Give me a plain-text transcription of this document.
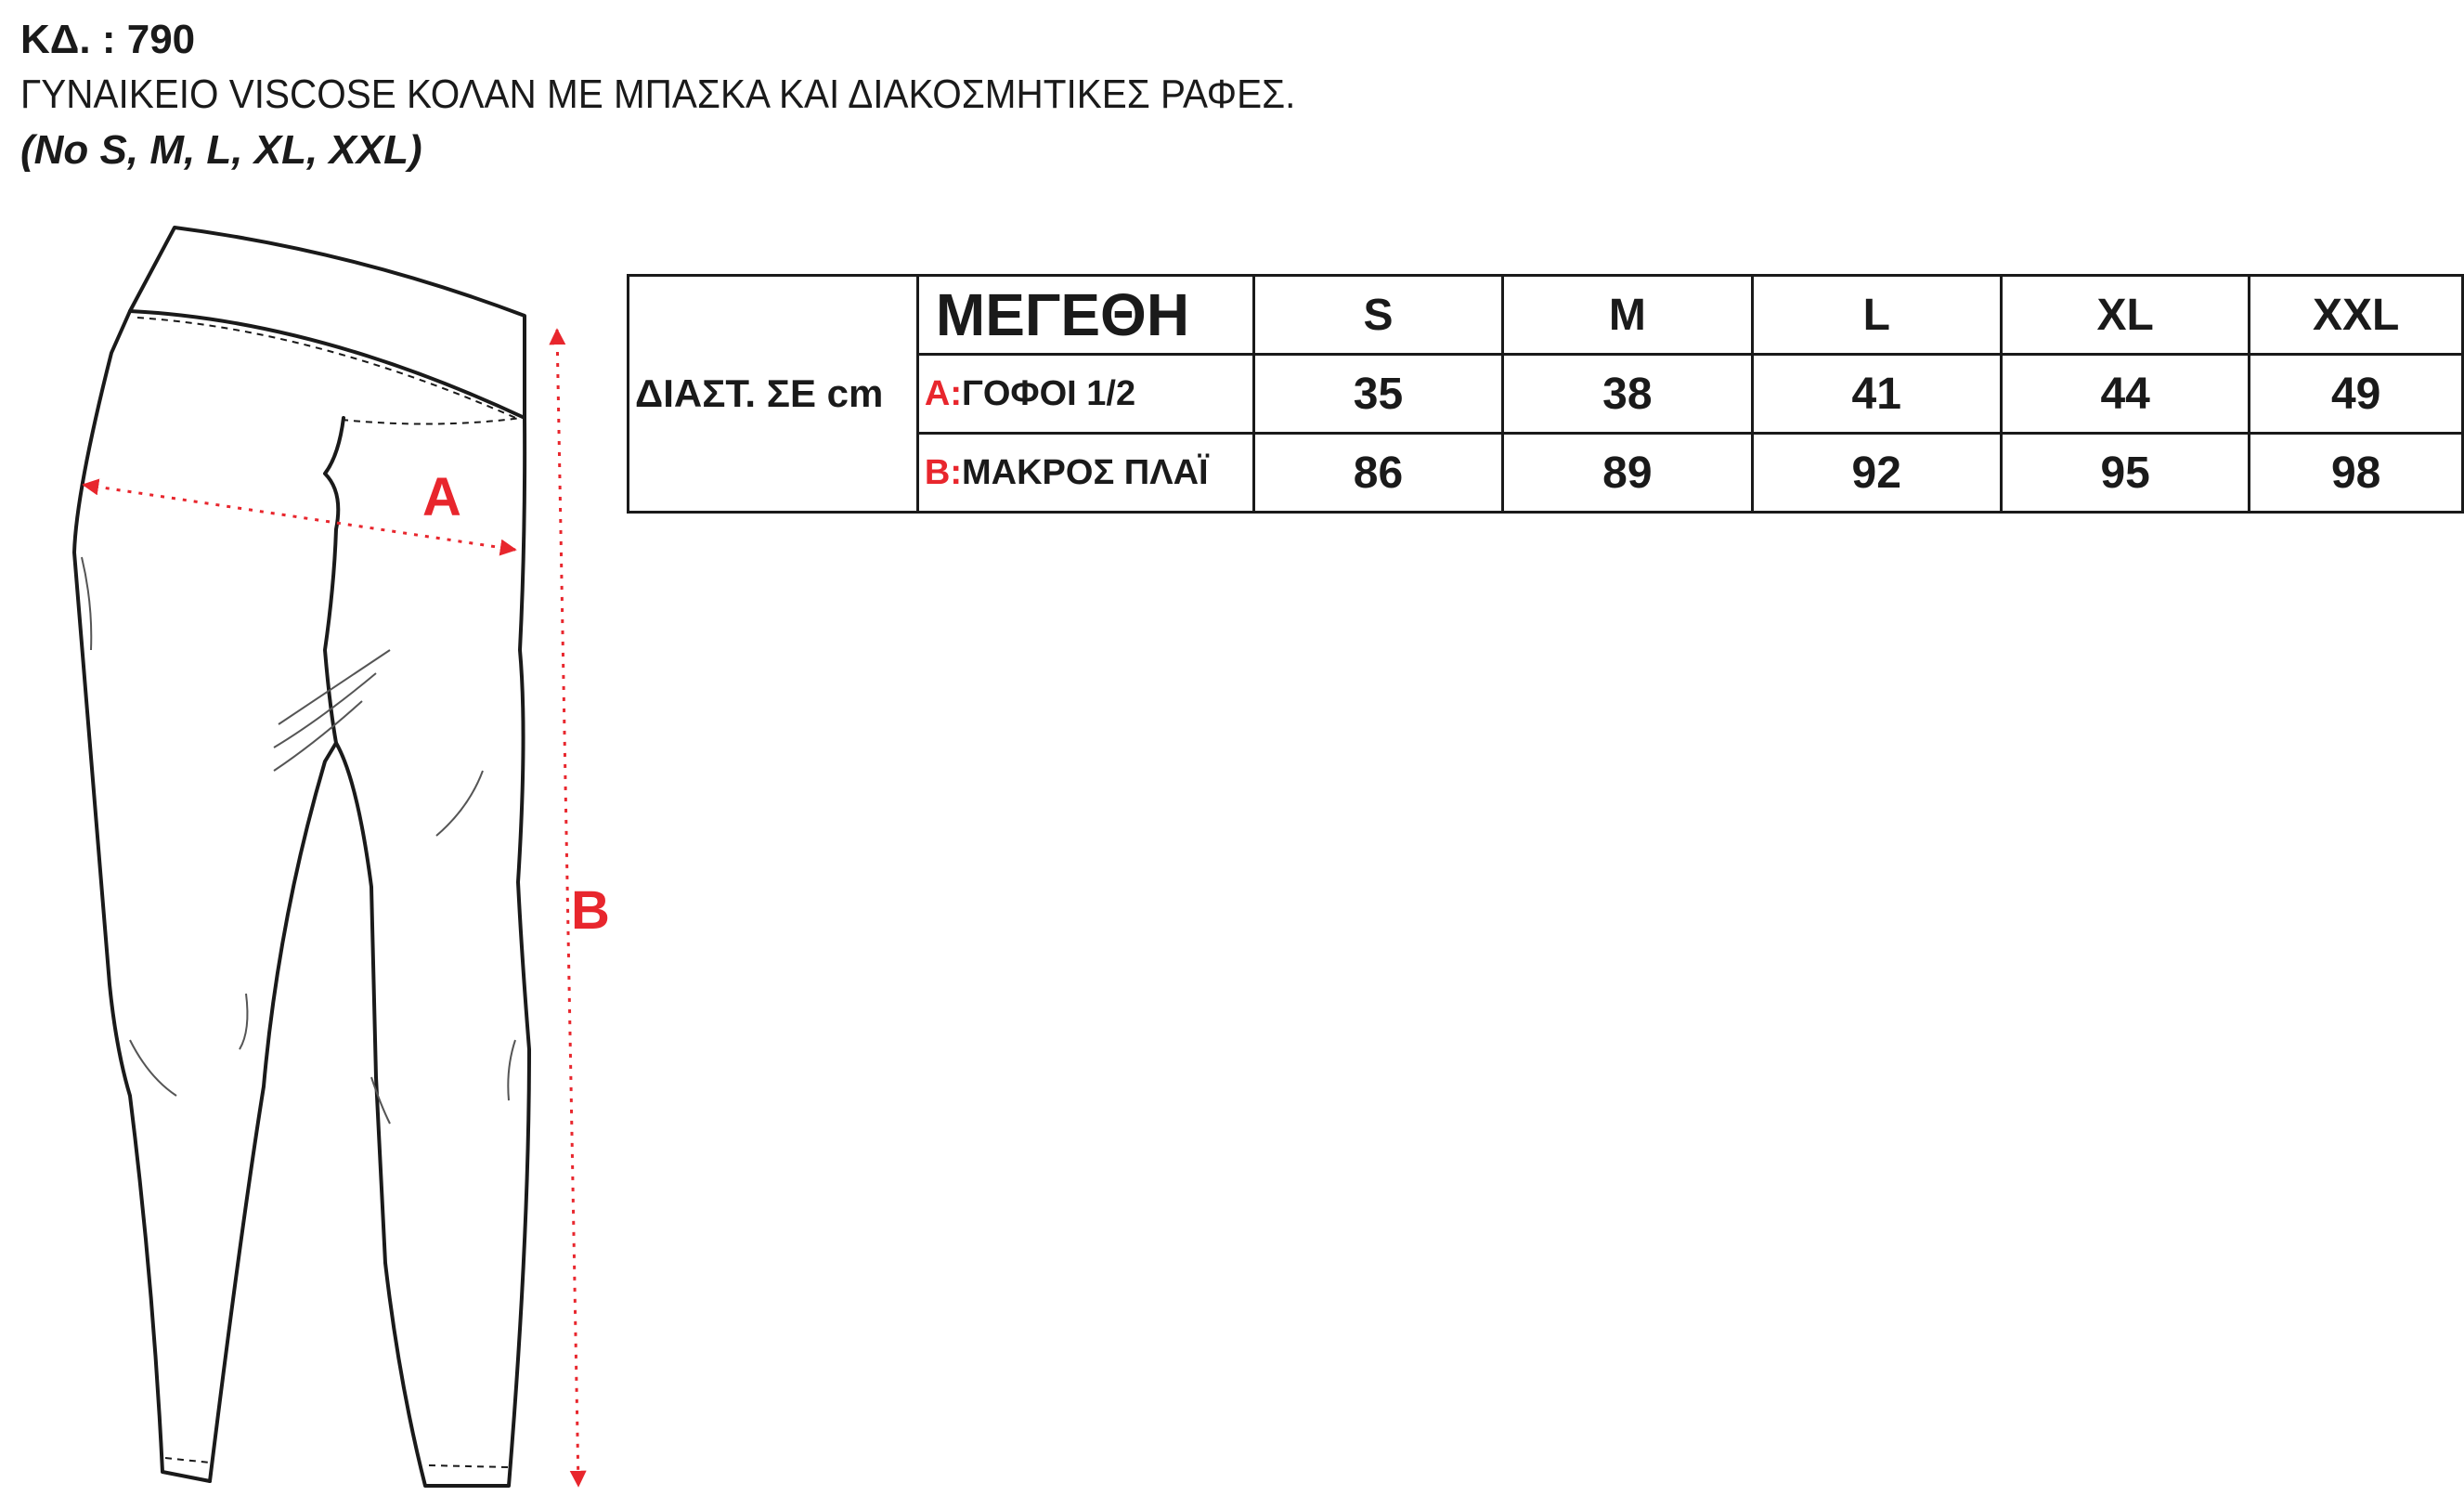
ΚΔ. : 790
ΓΥΝΑΙΚΕΙΟ VISCOSE ΚΟΛΑΝ ΜΕ ΜΠΑΣΚΑ ΚΑΙ ΔΙΑΚΟΣΜΗΤΙΚΕΣ ΡΑΦΕΣ.
(No S, M, L, XL, XXL)
A
B
ΔΙΑΣΤ. ΣΕ cm	ΜΕΓΕΘΗ	S	M	L	XL	XXL
	A:ΓΟΦΟΙ 1/2	35	38	41	44	49
	B:ΜΑΚΡΟΣ ΠΛΑΪ	86	89	92	95	98
